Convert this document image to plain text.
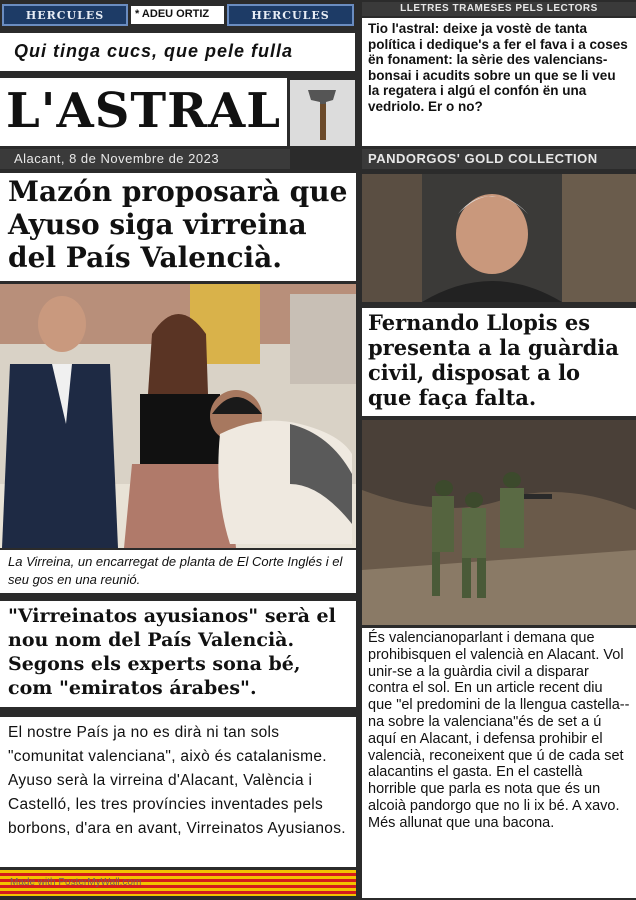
HERCULES	* ADEU ORTIZ	HERCULES
Qui tinga cucs, que pele fulla
L'ASTRAL
Alacant, 8 de Novembre de 2023
LLETRES TRAMESES PELS LECTORS
Tio l'astral: deixe ja vostè de tanta política i dedique's a fer el fava i a coses ën fonament: la sèrie des valencians-bonsai i acudits sobre un que se li veu la regatera i algú el confón ën una vedriolo. Er o no?
PANDORGOS' GOLD COLLECTION
Mazón proposarà que Ayuso siga virreina del País Valencià.
La Virreina, un encarregat de planta de El Corte Inglés i el seu gos en una reunió.
"Virreinatos ayusianos" serà el nou nom del País Valencià. Segons els experts sona bé, com "emiratos árabes".
El nostre País ja no es dirà ni tan sols "comunitat valenciana", això és catalanisme. Ayuso serà la virreina d'Alacant, València i Castelló, les tres províncies inventades pels borbons, d'ara en avant, Virreinatos Ayusianos.
Made with PosterMyWall.com
Fernando Llopis es presenta a la guàrdia civil, disposat a lo que faça falta.
És valencianoparlant i demana que prohibisquen el valencià en Alacant. Vol unir-se a la guàrdia civil a disparar contra el sol. En un article recent diu que "el predomini de la llengua castella--na sobre la valenciana"és de set a ú aquí en Alacant, i defensa prohibir el valencià, reconeixent que ú de cada set alacantins el gasta. En el castellà horrible que parla es nota que és un alcoià pandorgo que no li ix bé. A xavo. Més allunat que una bacona.
